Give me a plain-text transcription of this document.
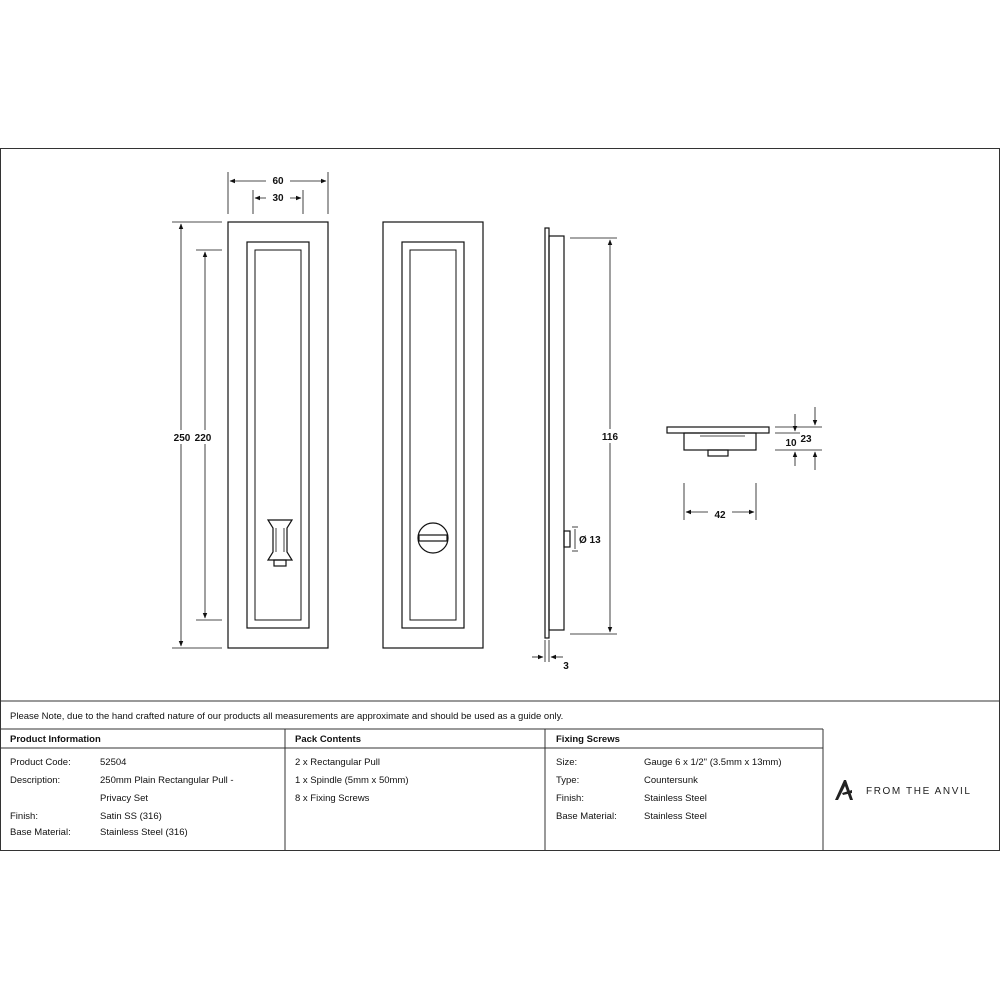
60
30
250 220	116
Ø 13
3
42
23
10
Please Note, due to the hand crafted nature of our products all measurements are approximate and should be used as a guide only.
Product Information
Product Code:	52504
Description:	250mm Plain Rectangular Pull -
Privacy Set
Finish:	Satin SS (316)
Base Material:	Stainless Steel (316)
Pack Contents
2 x Rectangular Pull
1 x Spindle (5mm x 50mm)
8 x Fixing Screws
Fixing Screws
Size:	Gauge 6 x 1/2" (3.5mm x 13mm)
Type:	Countersunk
Finish:	Stainless Steel
Base Material:	Stainless Steel
FROM THE ANVIL
